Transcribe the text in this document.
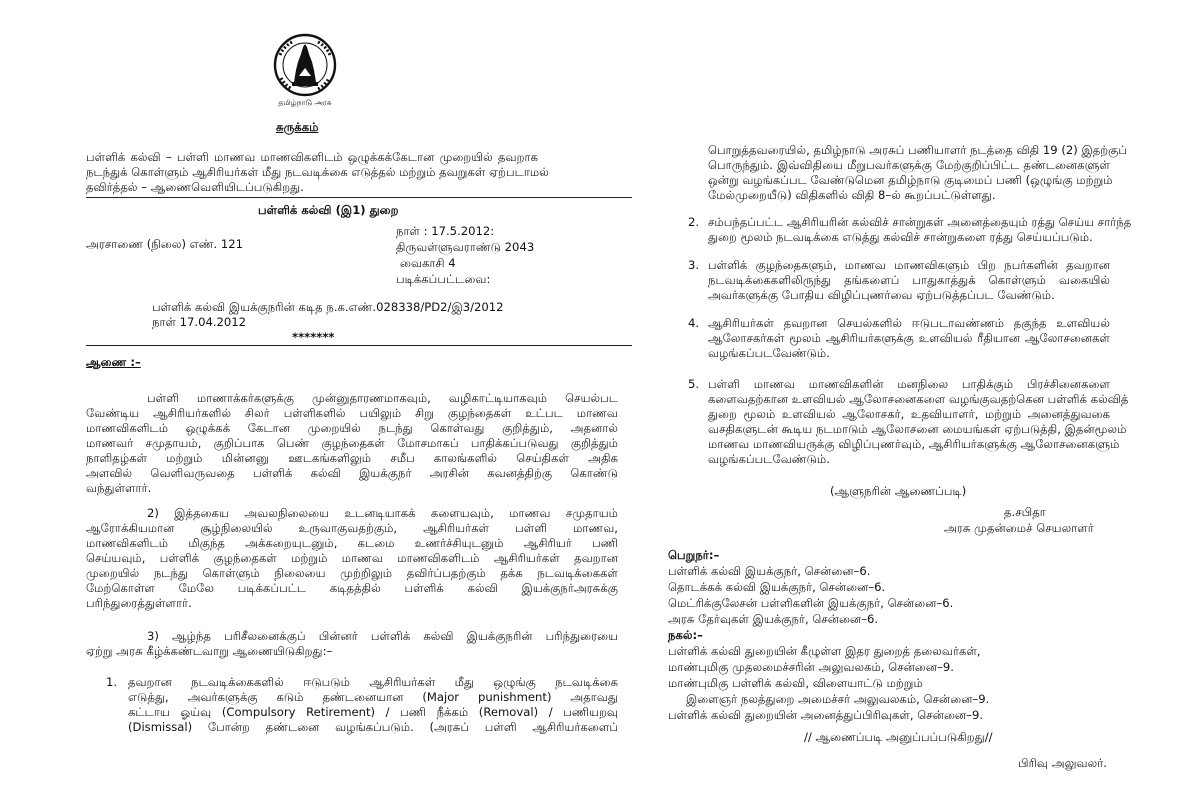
தமிழ்நாடு அரசு
சுருக்கம்
பள்ளிக் கல்வி – பள்ளி மாணவ மாணவிகளிடம் ஒழுக்கக்கேடான முறையில் தவறாக
நடந்துக் கொள்ளும் ஆசிரியர்கள் மீது நடவடிக்கை எடுத்தல் மற்றும் தவறுகள் ஏற்படாமல்
தவிர்த்தல் – ஆணைவெளியிடப்படுகிறது.
பள்ளிக் கல்வி (இ1) துறை
அரசாணை (நிலை) எண். 121
நாள் : 17.5.2012:
திருவள்ளுவராண்டு 2043
வைகாசி 4
படிக்கப்பட்டவை:
பள்ளிக் கல்வி இயக்குநரின் கடித ந.க.எண்.028338/PD2/இ3/2012
நாள் 17.04.2012
*******
ஆணை :–
பள்ளி மாணாக்கர்களுக்கு முன்னுதாரணமாகவும், வழிகாட்டியாகவும் செயல்பட
வேண்டிய ஆசிரியர்களில் சிலர் பள்ளிகளில் பயிலும் சிறு குழந்தைகள் உட்பட மாணவ
மாணவிகளிடம் ஒழுக்கக் கேடான முறையில் நடந்து கொள்வது குறித்தும், அதனால்
மாணவர் சமுதாயம், குறிப்பாக பெண் குழந்தைகள் மோசமாகப் பாதிக்கப்படுவது குறித்தும்
நாளிதழ்கள் மற்றும் மின்னனு ஊடகங்களிலும் சமீப காலங்களில் செய்திகள் அதிக
அளவில் வெளிவருவதை பள்ளிக் கல்வி இயக்குநர் அரசின் கவனத்திற்கு கொண்டு
வந்துள்ளார்.
2) இத்தகைய அவலநிலையை உடனடியாகக் களையவும், மாணவ சமுதாயம்
ஆரோக்கியமான சூழ்நிலையில் உருவாகுவதற்கும், ஆசிரியர்கள் பள்ளி மாணவ,
மாணவிகளிடம் மிகுந்த அக்கறையுடனும், கடமை உணர்ச்சியுடனும் ஆசிரியர் பணி
செய்யவும், பள்ளிக் குழந்தைகள் மற்றும் மாணவ மாணவிகளிடம் ஆசிரியர்கள் தவறான
முறையில் நடந்து கொள்ளும் நிலையை முற்றிலும் தவிர்ப்பதற்கும் தக்க நடவடிக்கைகள்
மேற்கொள்ள மேலே படிக்கப்பட்ட கடிதத்தில் பள்ளிக் கல்வி இயக்குநர்அரசுக்கு
பரிந்துரைத்துள்ளார்.
3) ஆழ்ந்த பரிசீலனைக்குப் பின்னர் பள்ளிக் கல்வி இயக்குநரின் பரிந்துரையை
ஏற்று அரசு கீழ்க்கண்டவாறு ஆணையிடுகிறது:–
1. தவறான நடவடிக்கைகளில் ஈடுபடும் ஆசிரியர்கள் மீது ஒழுங்கு நடவடிக்கை
எடுத்து, அவர்களுக்கு கடும் தண்டனையான (Major punishment) அதாவது
கட்டாய ஓய்வு (Compulsory Retirement) / பணி நீக்கம் (Removal) / பணியறவு
(Dismissal) போன்ற தண்டனை வழங்கப்படும். (அரசுப் பள்ளி ஆசிரியர்களைப்
பொறுத்தவரையில், தமிழ்நாடு அரசுப் பணியாளர் நடத்தை விதி 19 (2) இதற்குப்
பொருந்தும். இவ்விதியை மீறுபவர்களுக்கு மேற்குறிப்பிட்ட தண்டனைகளுள்
ஒன்று வழங்கப்பட வேண்டுமென தமிழ்நாடு குடிமைப் பணி (ஒழுங்கு மற்றும்
மேல்முறையீடு) விதிகளில் விதி 8–ல் கூறப்பட்டுள்ளது.
2. சம்பந்தப்பட்ட ஆசிரியரின் கல்விச் சான்றுகள் அனைத்தையும் ரத்து செய்ய சார்ந்த
துறை மூலம் நடவடிக்கை எடுத்து கல்விச் சான்றுகளை ரத்து செய்யப்படும்.
3. பள்ளிக் குழந்தைகளும், மாணவ மாணவிகளும் பிற நபர்களின் தவறான
நடவடிக்கைகளிலிருந்து தங்களைப் பாதுகாத்துக் கொள்ளும் வகையில்
அவர்களுக்கு போதிய விழிப்புணர்வை ஏற்படுத்தப்பட வேண்டும்.
4. ஆசிரியர்கள் தவறான செயல்களில் ஈடுபடாவண்ணம் தகுந்த உளவியல்
ஆலோசகர்கள் மூலம் ஆசிரியர்களுக்கு உளவியல் ரீதியான ஆலோசனைகள்
வழங்கப்படவேண்டும்.
5. பள்ளி மாணவ மாணவிகளின் மனநிலை பாதிக்கும் பிரச்சினைகளை
களைவதற்கான உளவியல் ஆலோசனைகளை வழங்குவதற்கென பள்ளிக் கல்வித்
துறை மூலம் உளவியல் ஆலோசகர், உதவியாளர், மற்றும் அனைத்துவகை
வசதிகளுடன் கூடிய நடமாடும் ஆலோசனை மையங்கள் ஏற்படுத்தி, இதன்மூலம்
மாணவ மாணவியருக்கு விழிப்புணர்வும், ஆசிரியர்களுக்கு ஆலோசனைகளும்
வழங்கப்படவேண்டும்.
(ஆளுநரின் ஆணைப்படி)
த.சபிதா
அரசு முதன்மைச் செயலாளர்
பெறுநர்:–
பள்ளிக் கல்வி இயக்குநர், சென்னை–6.
தொடக்கக் கல்வி இயக்குநர், சென்னை–6.
மெட்ரிக்குலேசன் பள்ளிகளின் இயக்குநர், சென்னை–6.
அரசு தேர்வுகள் இயக்குநர், சென்னை–6.
நகல்:–
பள்ளிக் கல்வி துறையின் கீழுள்ள இதர துறைத் தலைவர்கள்,
மாண்புமிகு முதலமைச்சரின் அலுவலகம், சென்னை–9.
மாண்புமிகு பள்ளிக் கல்வி, விளையாட்டு மற்றும்
இளைஞர் நலத்துறை அமைச்சர் அலுவலகம், சென்னை–9.
பள்ளிக் கல்வி துறையின் அனைத்துப்பிரிவுகள், சென்னை–9.
// ஆணைப்படி அனுப்பப்படுகிறது//
பிரிவு அலுவலர்.
